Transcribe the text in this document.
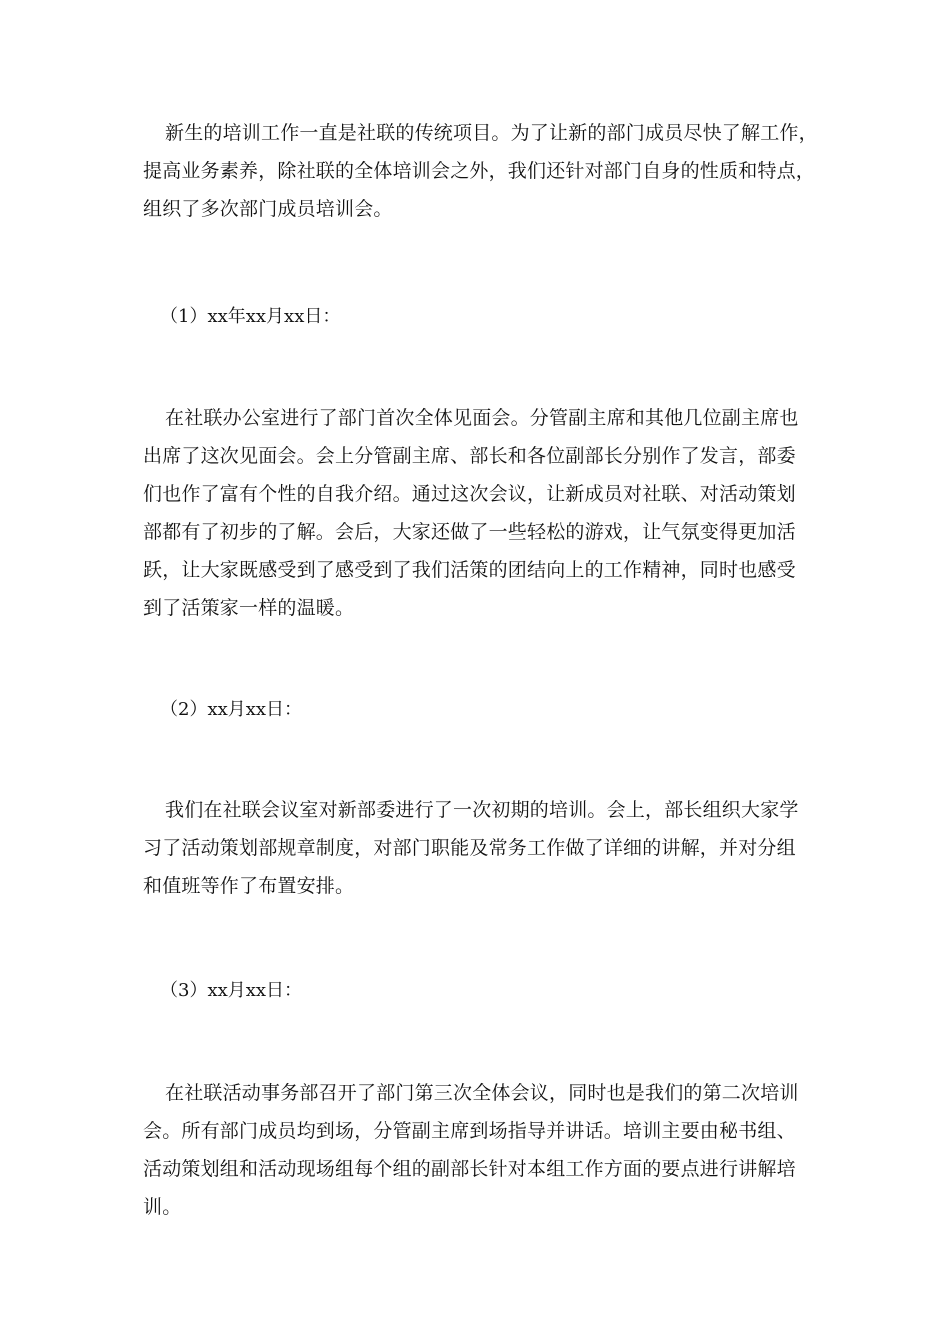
新生的培训工作一直是社联的传统项目。为了让新的部门成员尽快了解工作，
提高业务素养，除社联的全体培训会之外，我们还针对部门自身的性质和特点，
组织了多次部门成员培训会。
（1）xx年xx月xx日：
在社联办公室进行了部门首次全体见面会。分管副主席和其他几位副主席也
出席了这次见面会。会上分管副主席、部长和各位副部长分别作了发言，部委
们也作了富有个性的自我介绍。通过这次会议，让新成员对社联、对活动策划
部都有了初步的了解。会后，大家还做了一些轻松的游戏，让气氛变得更加活
跃，让大家既感受到了感受到了我们活策的团结向上的工作精神，同时也感受
到了活策家一样的温暖。
（2）xx月xx日：
我们在社联会议室对新部委进行了一次初期的培训。会上，部长组织大家学
习了活动策划部规章制度，对部门职能及常务工作做了详细的讲解，并对分组
和值班等作了布置安排。
（3）xx月xx日：
在社联活动事务部召开了部门第三次全体会议，同时也是我们的第二次培训
会。所有部门成员均到场，分管副主席到场指导并讲话。培训主要由秘书组、
活动策划组和活动现场组每个组的副部长针对本组工作方面的要点进行讲解培
训。
